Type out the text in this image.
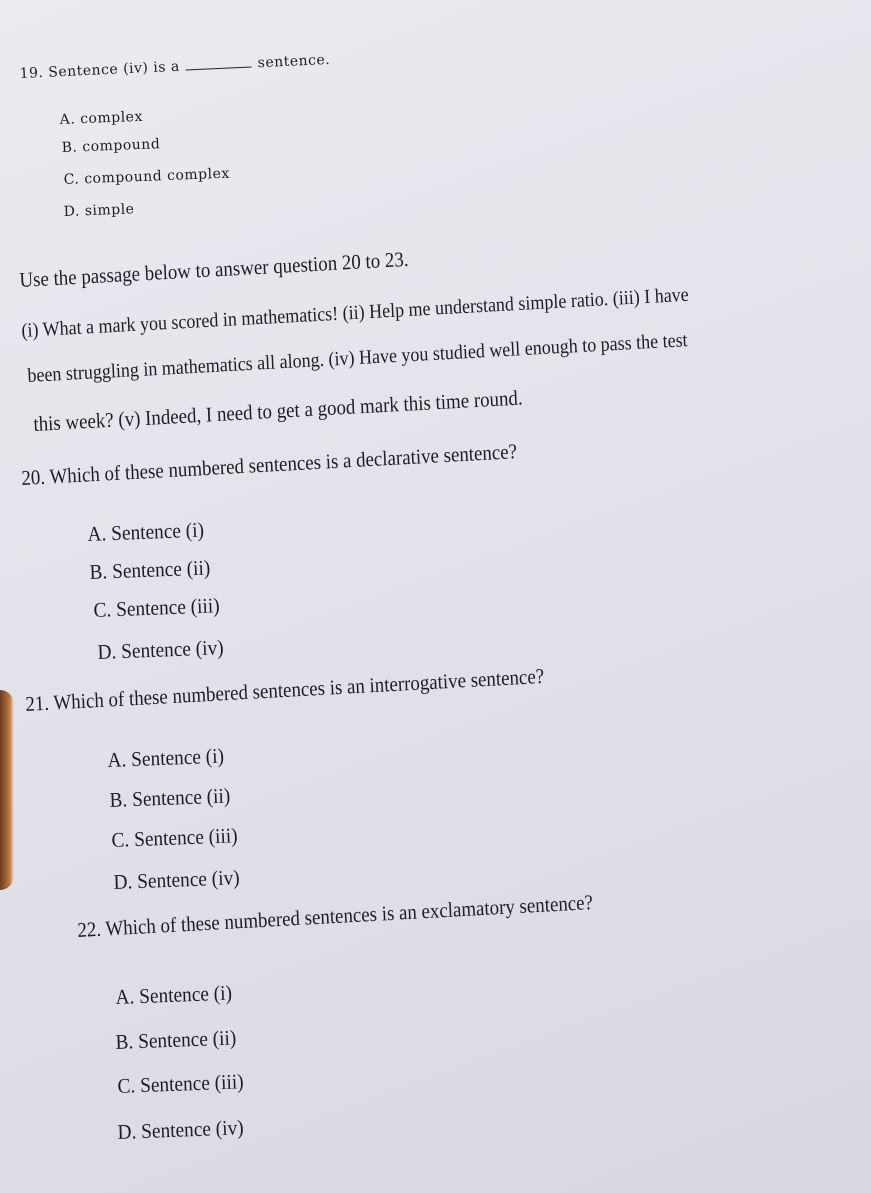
19. Sentence (iv) is a	sentence.
A. complex
B. compound
C. compound complex
D. simple
Use the passage below to answer question 20 to 23.
(i) What a mark you scored in mathematics! (ii) Help me understand simple ratio. (iii) I have
been struggling in mathematics all along. (iv) Have you studied well enough to pass the test
this week? (v) Indeed, I need to get a good mark this time round.
20. Which of these numbered sentences is a declarative sentence?
A. Sentence (i)
B. Sentence (ii)
C. Sentence (iii)
D. Sentence (iv)
21. Which of these numbered sentences is an interrogative sentence?
A. Sentence (i)
B. Sentence (ii)
C. Sentence (iii)
D. Sentence (iv)
22. Which of these numbered sentences is an exclamatory sentence?
A. Sentence (i)
B. Sentence (ii)
C. Sentence (iii)
D. Sentence (iv)
